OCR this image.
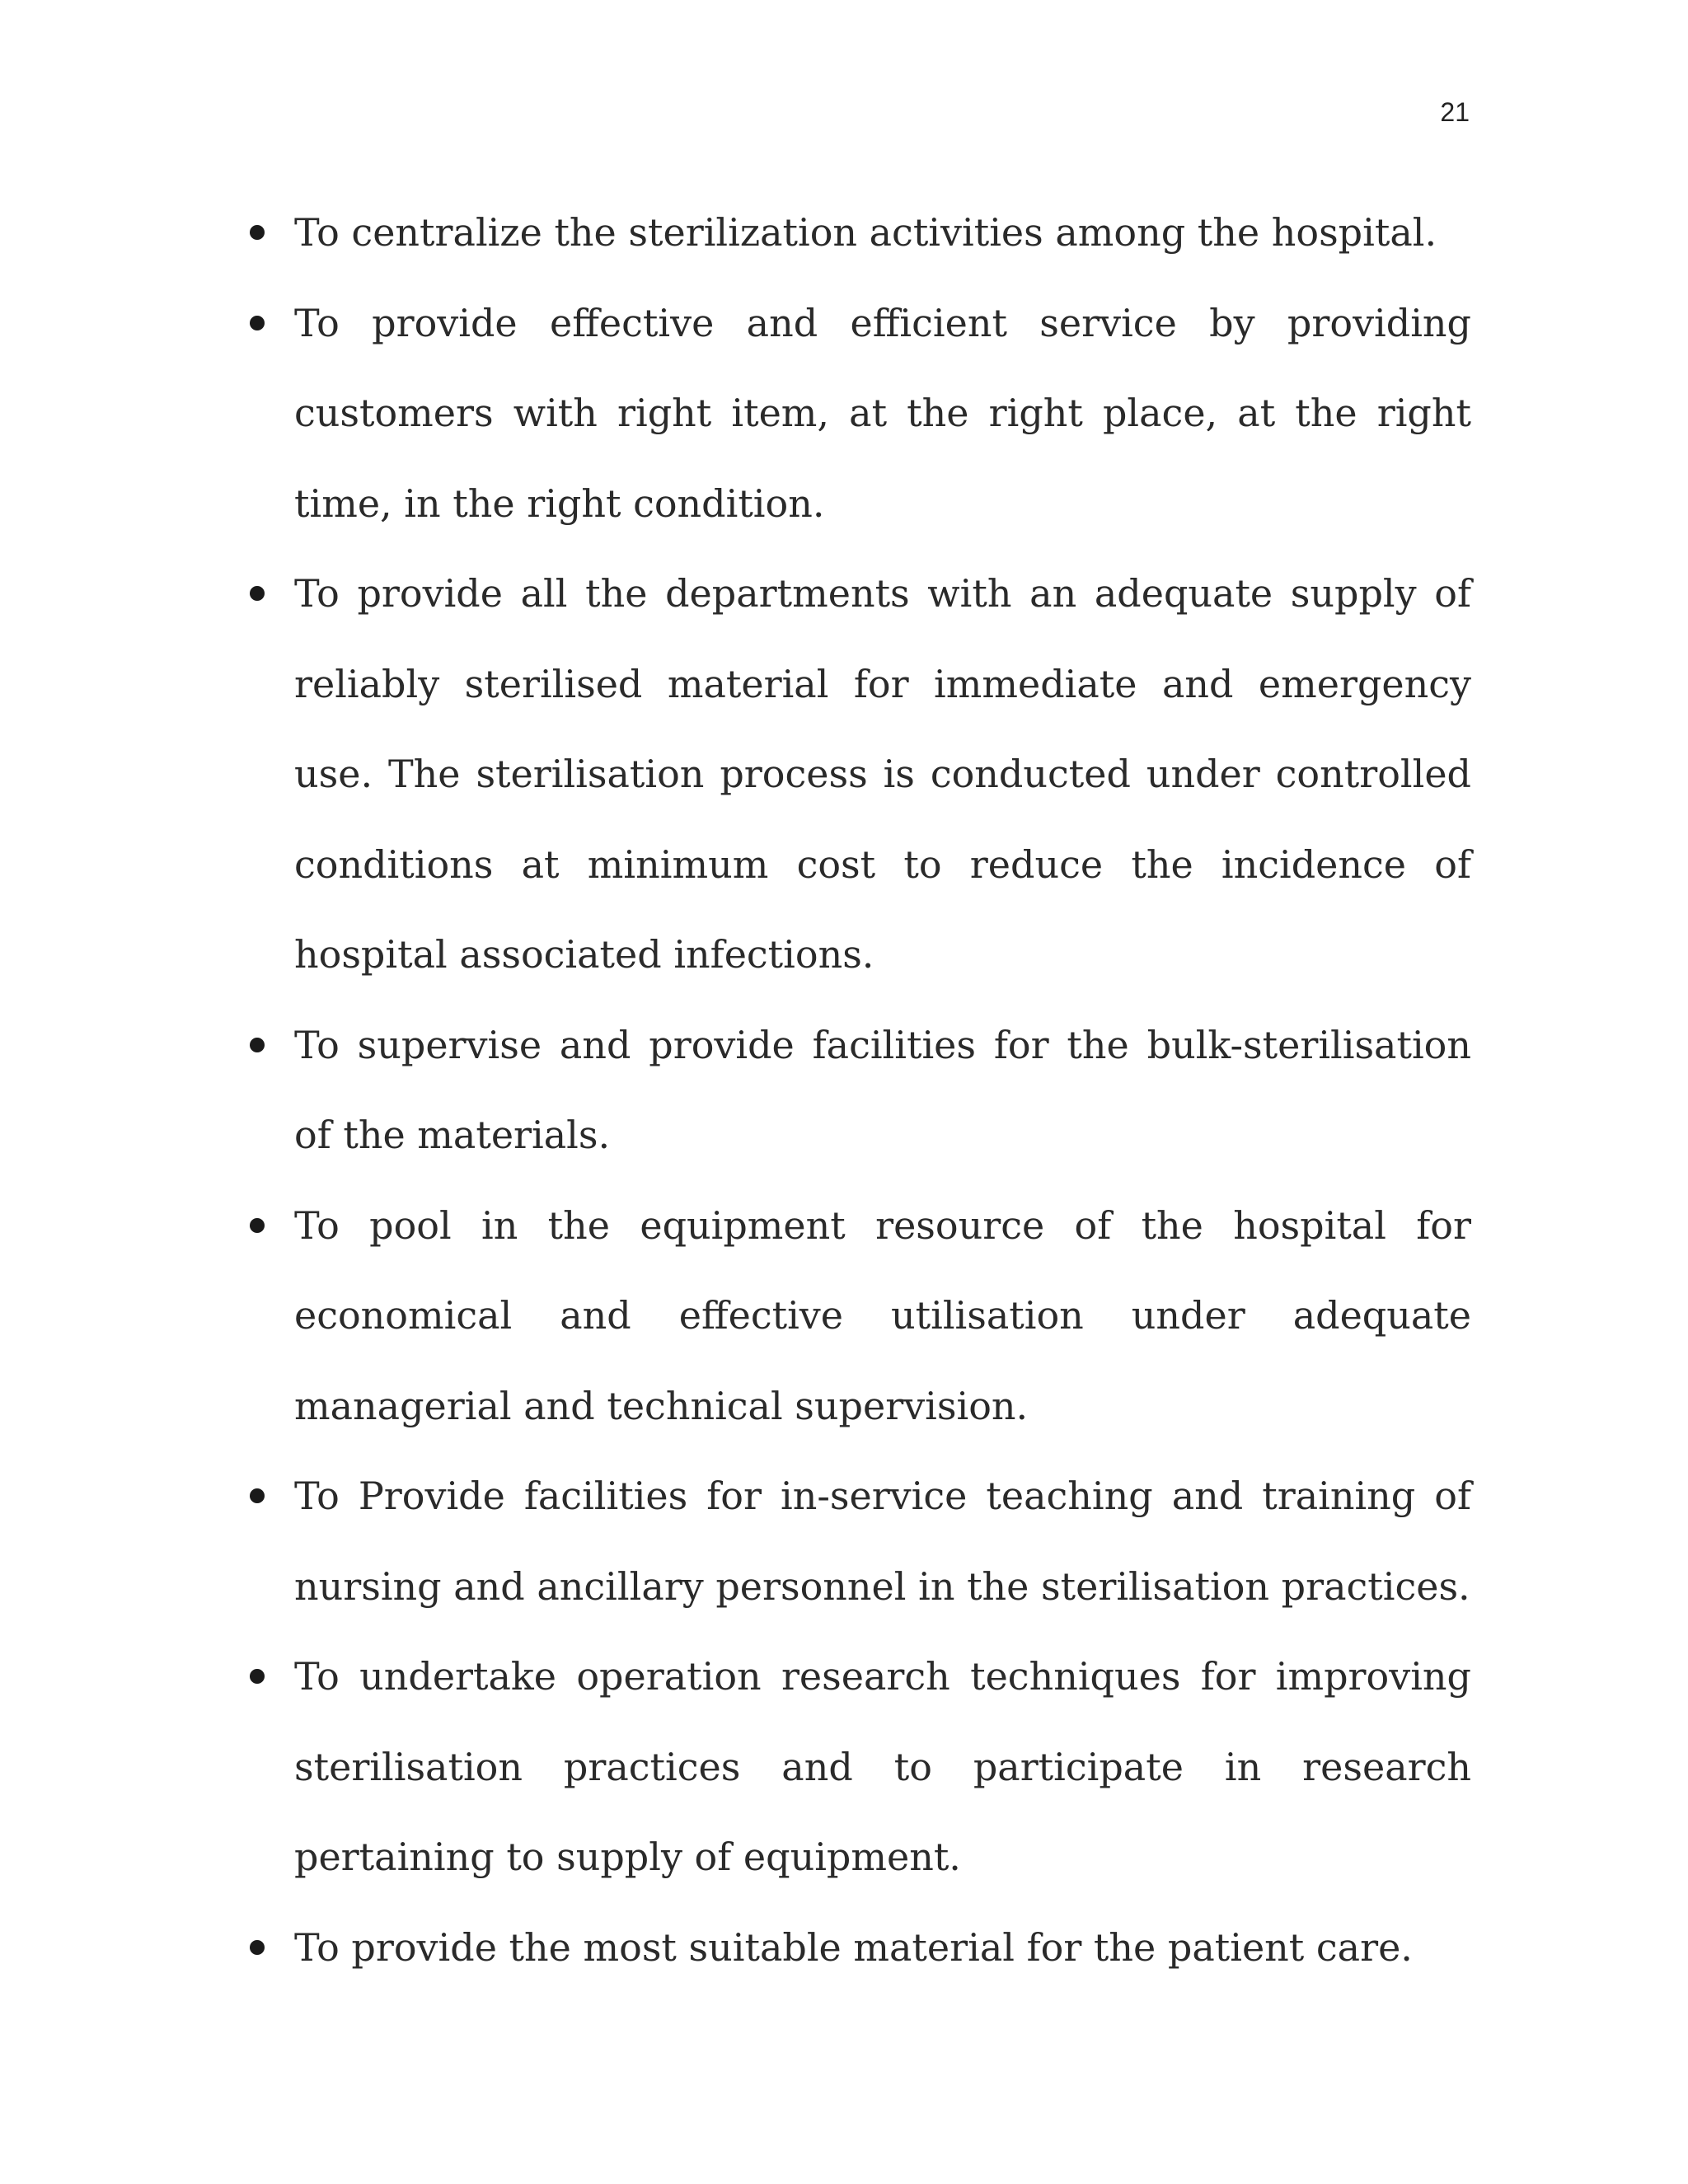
21
To centralize the sterilization activities among the hospital.
To provide effective and efficient service by providing customers with right item, at the right place, at the right time, in the right condition.
To provide all the departments with an adequate supply of reliably sterilised material for immediate and emergency use. The sterilisation process is conducted under controlled conditions at minimum cost to reduce the incidence of hospital associated infections.
To supervise and provide facilities for the bulk-sterilisation of the materials.
To pool in the equipment resource of the hospital for economical and effective utilisation under adequate managerial and technical supervision.
To Provide facilities for in-service teaching and training of nursing and ancillary personnel in the sterilisation practices.
To undertake operation research techniques for improving sterilisation practices and to participate in research pertaining to supply of equipment.
To provide the most suitable material for the patient care.
